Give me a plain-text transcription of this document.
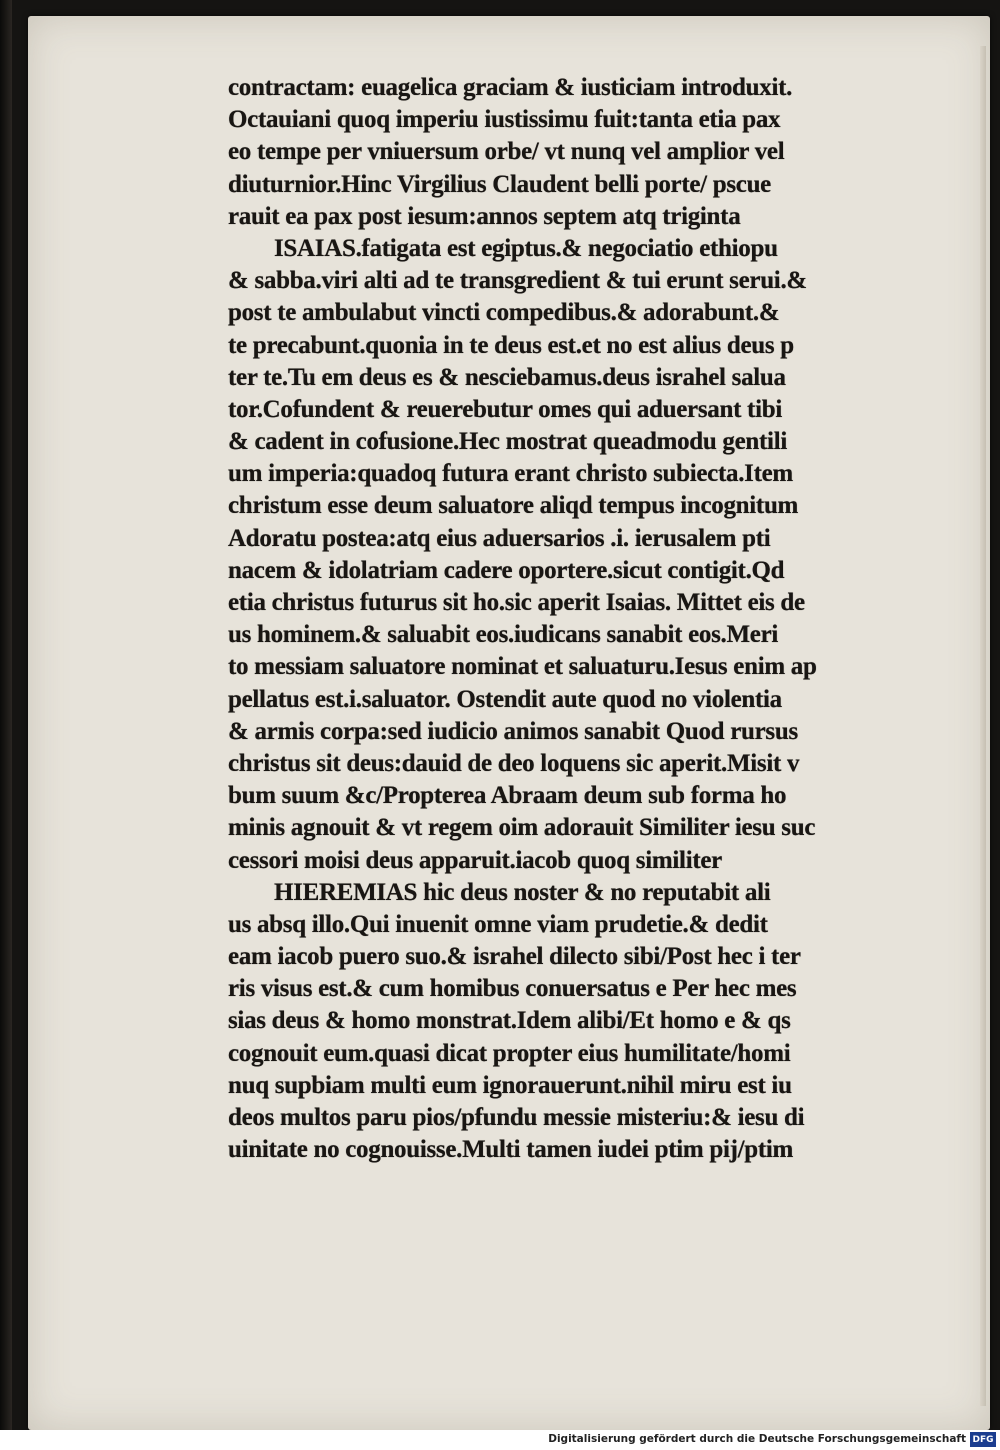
contractam: euagelica graciam & iusticiam introduxit.
Octauiani quoq imperiu iustissimu fuit:tanta etia pax
eo tempe per vniuersum orbe/ vt nunq vel amplior vel
diuturnior.Hinc Virgilius Claudent belli porte/ pscue
rauit ea pax post iesum:annos septem atq triginta
ISAIAS.fatigata est egiptus.& negociatio ethiopu
& sabba.viri alti ad te transgredient & tui erunt serui.&
post te ambulabut vincti compedibus.& adorabunt.&
te precabunt.quonia in te deus est.et no est alius deus p
ter te.Tu em deus es & nesciebamus.deus israhel salua
tor.Cofundent & reuerebutur omes qui aduersant tibi
& cadent in cofusione.Hec mostrat queadmodu gentili
um imperia:quadoq futura erant christo subiecta.Item
christum esse deum saluatore aliqd tempus incognitum
Adoratu postea:atq eius aduersarios .i. ierusalem pti
nacem & idolatriam cadere oportere.sicut contigit.Qd
etia christus futurus sit ho.sic aperit Isaias. Mittet eis de
us hominem.& saluabit eos.iudicans sanabit eos.Meri
to messiam saluatore nominat et saluaturu.Iesus enim ap
pellatus est.i.saluator. Ostendit aute quod no violentia
& armis corpa:sed iudicio animos sanabit Quod rursus
christus sit deus:dauid de deo loquens sic aperit.Misit v
bum suum &c/Propterea Abraam deum sub forma ho
minis agnouit & vt regem oim adorauit Similiter iesu suc
cessori moisi deus apparuit.iacob quoq similiter
HIEREMIAS hic deus noster & no reputabit ali
us absq illo.Qui inuenit omne viam prudetie.& dedit
eam iacob puero suo.& israhel dilecto sibi/Post hec i ter
ris visus est.& cum homibus conuersatus e Per hec mes
sias deus & homo monstrat.Idem alibi/Et homo e & qs
cognouit eum.quasi dicat propter eius humilitate/homi
nuq supbiam multi eum ignorauerunt.nihil miru est iu
deos multos paru pios/pfundu messie misteriu:& iesu di
uinitate no cognouisse.Multi tamen iudei ptim pij/ptim
Digitalisierung gefördert durch die Deutsche Forschungsgemeinschaft DFG
